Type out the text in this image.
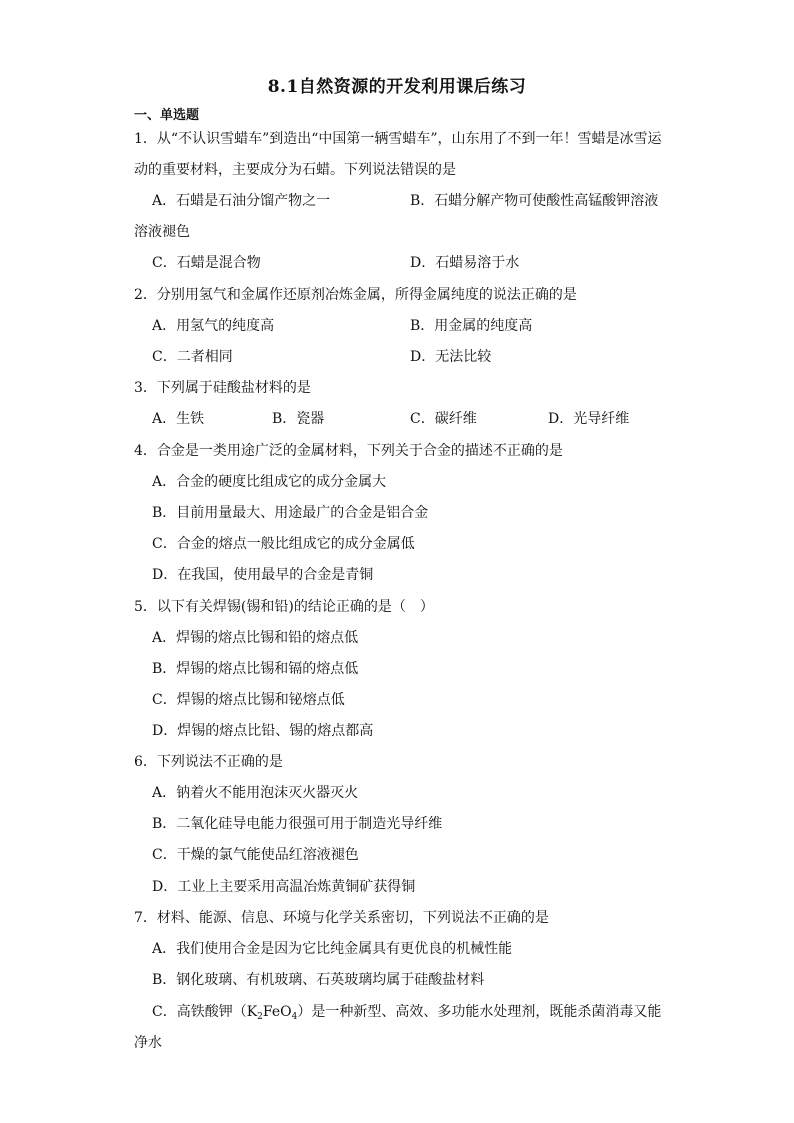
8.1自然资源的开发利用课后练习
一、单选题
1．从“不认识雪蜡车”到造出“中国第一辆雪蜡车”，山东用了不到一年！雪蜡是冰雪运
动的重要材料，主要成分为石蜡。下列说法错误的是
A．石蜡是石油分馏产物之一	B．石蜡分解产物可使酸性高锰酸钾溶液
溶液褪色
C．石蜡是混合物	D．石蜡易溶于水
2．分别用氢气和金属作还原剂冶炼金属，所得金属纯度的说法正确的是
A．用氢气的纯度高	B．用金属的纯度高
C．二者相同	D．无法比较
3．下列属于硅酸盐材料的是
A．生铁	B．瓷器	C．碳纤维	D．光导纤维
4．合金是一类用途广泛的金属材料，下列关于合金的描述不正确的是
A．合金的硬度比组成它的成分金属大
B．目前用量最大、用途最广的合金是铝合金
C．合金的熔点一般比组成它的成分金属低
D．在我国，使用最早的合金是青铜
5．以下有关焊锡(锡和铅)的结论正确的是（　）
A．焊锡的熔点比锡和铅的熔点低
B．焊锡的熔点比锡和镉的熔点低
C．焊锡的熔点比锡和铋熔点低
D．焊锡的熔点比铅、锡的熔点都高
6．下列说法不正确的是
A．钠着火不能用泡沫灭火器灭火
B．二氧化硅导电能力很强可用于制造光导纤维
C．干燥的氯气能使品红溶液褪色
D．工业上主要采用高温冶炼黄铜矿获得铜
7．材料、能源、信息、环境与化学关系密切，下列说法不正确的是
A．我们使用合金是因为它比纯金属具有更优良的机械性能
B．钢化玻璃、有机玻璃、石英玻璃均属于硅酸盐材料
C．高铁酸钾$(K_2FeO_4)$是一种新型、高效、多功能水处理剂，既能杀菌消毒又能
净水
